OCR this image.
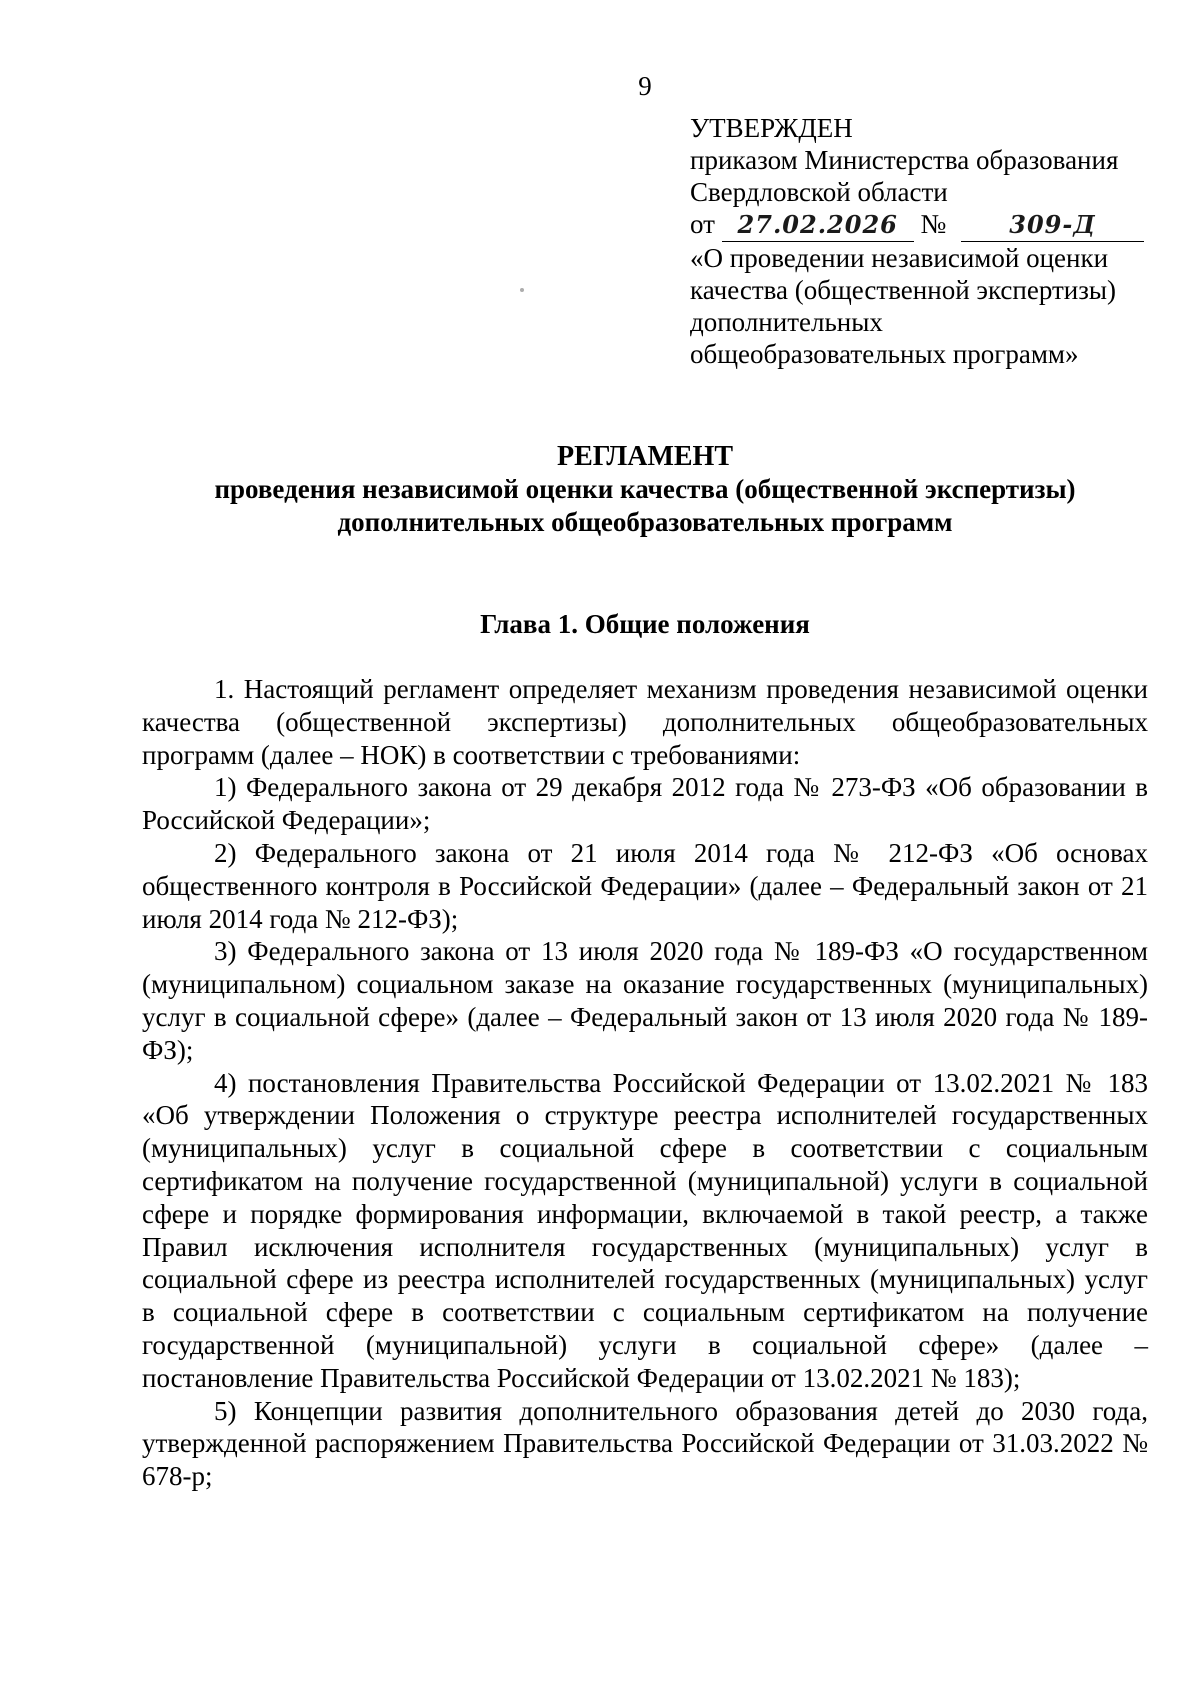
9
УТВЕРЖДЕН
приказом Министерства образования
Свердловской области
от 27.02.2026 №	309-Д
«О проведении независимой оценки
качества (общественной экспертизы)
дополнительных
общеобразовательных программ»
РЕГЛАМЕНТ
проведения независимой оценки качества (общественной экспертизы)
дополнительных общеобразовательных программ
Глава 1. Общие положения

1. Настоящий регламент определяет механизм проведения независимой оценки качества (общественной экспертизы) дополнительных общеобразовательных программ (далее – НОК) в соответствии с требованиями:

1) Федерального закона от 29 декабря 2012 года № 273-ФЗ «Об образовании в Российской Федерации»;

2) Федерального закона от 21 июля 2014 года № 212-ФЗ «Об основах общественного контроля в Российской Федерации» (далее – Федеральный закон от 21 июля 2014 года № 212-ФЗ);

3) Федерального закона от 13 июля 2020 года № 189-ФЗ «О государственном (муниципальном) социальном заказе на оказание государственных (муниципальных) услуг в социальной сфере» (далее – Федеральный закон от 13 июля 2020 года № 189-ФЗ);

4) постановления Правительства Российской Федерации от 13.02.2021 № 183 «Об утверждении Положения о структуре реестра исполнителей государственных (муниципальных) услуг в социальной сфере в соответствии с социальным сертификатом на получение государственной (муниципальной) услуги в социальной сфере и порядке формирования информации, включаемой в такой реестр, а также Правил исключения исполнителя государственных (муниципальных) услуг в социальной сфере из реестра исполнителей государственных (муниципальных) услуг в социальной сфере в соответствии с социальным сертификатом на получение государственной (муниципальной) услуги в социальной сфере» (далее – постановление Правительства Российской Федерации от 13.02.2021 № 183);

5) Концепции развития дополнительного образования детей до 2030 года, утвержденной распоряжением Правительства Российской Федерации от 31.03.2022 № 678-р;
